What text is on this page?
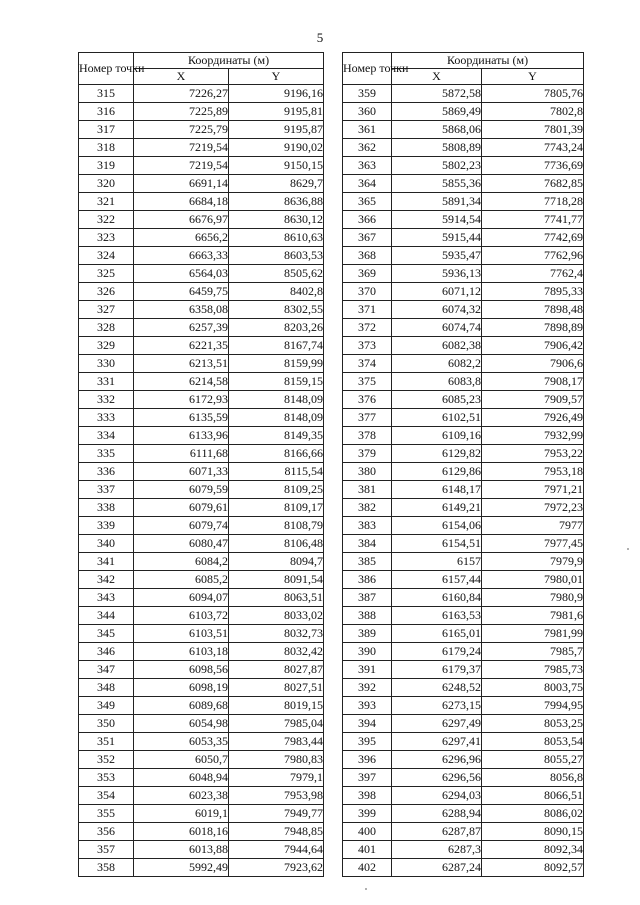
5
Номер точки	Координаты (м)	
	X	Y
315	7226,27	9196,16
316	7225,89	9195,81
317	7225,79	9195,87
318	7219,54	9190,02
319	7219,54	9150,15
320	6691,14	8629,7
321	6684,18	8636,88
322	6676,97	8630,12
323	6656,2	8610,63
324	6663,33	8603,53
325	6564,03	8505,62
326	6459,75	8402,8
327	6358,08	8302,55
328	6257,39	8203,26
329	6221,35	8167,74
330	6213,51	8159,99
331	6214,58	8159,15
332	6172,93	8148,09
333	6135,59	8148,09
334	6133,96	8149,35
335	6111,68	8166,66
336	6071,33	8115,54
337	6079,59	8109,25
338	6079,61	8109,17
339	6079,74	8108,79
340	6080,47	8106,48
341	6084,2	8094,7
342	6085,2	8091,54
343	6094,07	8063,51
344	6103,72	8033,02
345	6103,51	8032,73
346	6103,18	8032,42
347	6098,56	8027,87
348	6098,19	8027,51
349	6089,68	8019,15
350	6054,98	7985,04
351	6053,35	7983,44
352	6050,7	7980,83
353	6048,94	7979,1
354	6023,38	7953,98
355	6019,1	7949,77
356	6018,16	7948,85
357	6013,88	7944,64
358	5992,49	7923,62
Номер точки	Координаты (м)	
	X	Y
359	5872,58	7805,76
360	5869,49	7802,8
361	5868,06	7801,39
362	5808,89	7743,24
363	5802,23	7736,69
364	5855,36	7682,85
365	5891,34	7718,28
366	5914,54	7741,77
367	5915,44	7742,69
368	5935,47	7762,96
369	5936,13	7762,4
370	6071,12	7895,33
371	6074,32	7898,48
372	6074,74	7898,89
373	6082,38	7906,42
374	6082,2	7906,6
375	6083,8	7908,17
376	6085,23	7909,57
377	6102,51	7926,49
378	6109,16	7932,99
379	6129,82	7953,22
380	6129,86	7953,18
381	6148,17	7971,21
382	6149,21	7972,23
383	6154,06	7977
384	6154,51	7977,45
385	6157	7979,9
386	6157,44	7980,01
387	6160,84	7980,9
388	6163,53	7981,6
389	6165,01	7981,99
390	6179,24	7985,7
391	6179,37	7985,73
392	6248,52	8003,75
393	6273,15	7994,95
394	6297,49	8053,25
395	6297,41	8053,54
396	6296,96	8055,27
397	6296,56	8056,8
398	6294,03	8066,51
399	6288,94	8086,02
400	6287,87	8090,15
401	6287,3	8092,34
402	6287,24	8092,57
